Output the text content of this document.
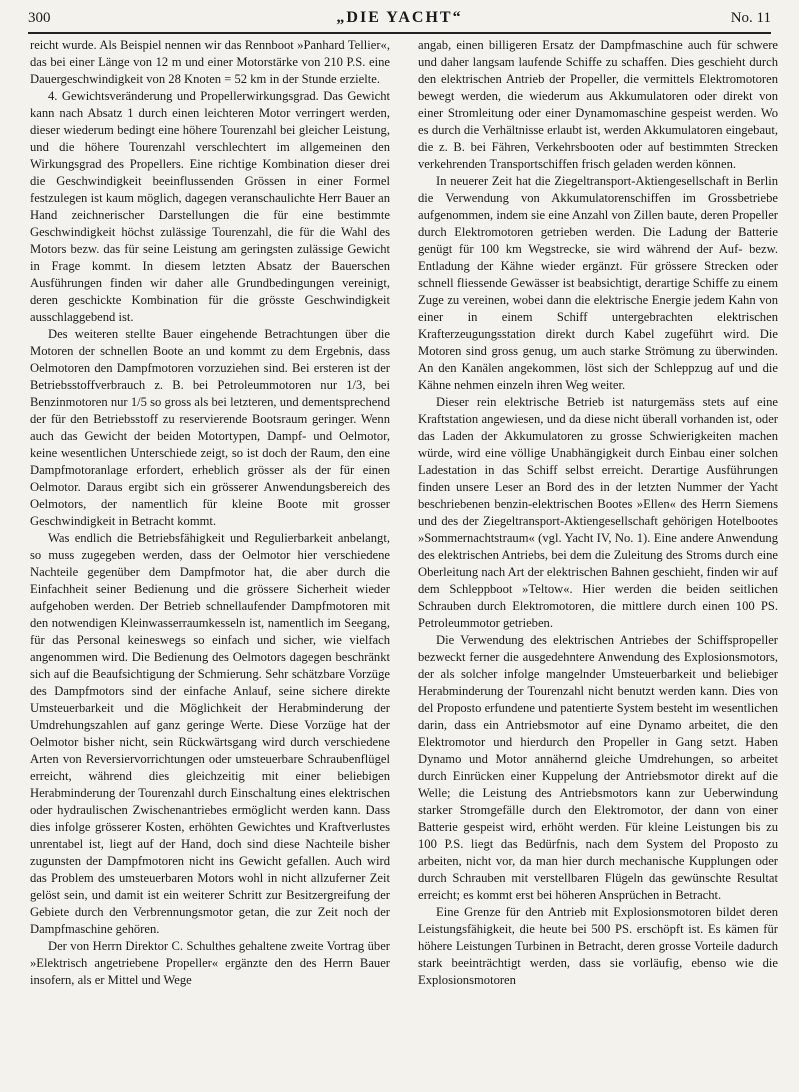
300	„DIE YACHT“	No. 11

reicht wurde. Als Beispiel nennen wir das Rennboot »Panhard Tellier«, das bei einer Länge von 12 m und einer Motorstärke von 210 P.S. eine Dauergeschwindigkeit von 28 Knoten = 52 km in der Stunde erzielte.

4. Gewichtsveränderung und Propellerwirkungsgrad. Das Gewicht kann nach Absatz 1 durch einen leichteren Motor verringert werden, dieser wiederum bedingt eine höhere Tourenzahl bei gleicher Leistung, und die höhere Tourenzahl verschlechtert im allgemeinen den Wirkungsgrad des Propellers. Eine richtige Kombination dieser drei die Geschwindigkeit beeinflussenden Grössen in einer Formel festzulegen ist kaum möglich, dagegen veranschaulichte Herr Bauer an Hand zeichnerischer Darstellungen die für eine bestimmte Geschwindigkeit höchst zulässige Tourenzahl, die für die Wahl des Motors bezw. das für seine Leistung am geringsten zulässige Gewicht in Frage kommt. In diesem letzten Absatz der Bauerschen Ausführungen finden wir daher alle Grundbedingungen vereinigt, deren geschickte Kombination für die grösste Geschwindigkeit ausschlaggebend ist.

Des weiteren stellte Bauer eingehende Betrachtungen über die Motoren der schnellen Boote an und kommt zu dem Ergebnis, dass Oelmotoren den Dampfmotoren vorzuziehen sind. Bei ersteren ist der Betriebsstoffverbrauch z. B. bei Petroleummotoren nur 1/3, bei Benzinmotoren nur 1/5 so gross als bei letzteren, und dementsprechend der für den Betriebsstoff zu reservierende Bootsraum geringer. Wenn auch das Gewicht der beiden Motortypen, Dampf- und Oelmotor, keine wesentlichen Unterschiede zeigt, so ist doch der Raum, den eine Dampfmotoranlage erfordert, erheblich grösser als der für einen Oelmotor. Daraus ergibt sich ein grösserer Anwendungsbereich des Oelmotors, der namentlich für kleine Boote mit grosser Geschwindigkeit in Betracht kommt.

Was endlich die Betriebsfähigkeit und Regulierbarkeit anbelangt, so muss zugegeben werden, dass der Oelmotor hier verschiedene Nachteile gegenüber dem Dampfmotor hat, die aber durch die Einfachheit seiner Bedienung und die grössere Sicherheit wieder aufgehoben werden. Der Betrieb schnellaufender Dampfmotoren mit den notwendigen Kleinwasserraumkesseln ist, namentlich im Seegang, für das Personal keineswegs so einfach und sicher, wie vielfach angenommen wird. Die Bedienung des Oelmotors dagegen beschränkt sich auf die Beaufsichtigung der Schmierung. Sehr schätzbare Vorzüge des Dampfmotors sind der einfache Anlauf, seine sichere direkte Umsteuerbarkeit und die Möglichkeit der Herabminderung der Umdrehungszahlen auf ganz geringe Werte. Diese Vorzüge hat der Oelmotor bisher nicht, sein Rückwärtsgang wird durch verschiedene Arten von Reversiervorrichtungen oder umsteuerbare Schraubenflügel erreicht, während dies gleichzeitig mit einer beliebigen Herabminderung der Tourenzahl durch Einschaltung eines elektrischen oder hydraulischen Zwischenantriebes ermöglicht werden kann. Dass dies infolge grösserer Kosten, erhöhten Gewichtes und Kraftverlustes unrentabel ist, liegt auf der Hand, doch sind diese Nachteile bisher zugunsten der Dampfmotoren nicht ins Gewicht gefallen. Auch wird das Problem des umsteuerbaren Motors wohl in nicht allzuferner Zeit gelöst sein, und damit ist ein weiterer Schritt zur Besitzergreifung der Gebiete durch den Verbrennungsmotor getan, die zur Zeit noch der Dampfmaschine gehören.

Der von Herrn Direktor C. Schulthes gehaltene zweite Vortrag über »Elektrisch angetriebene Propeller« ergänzte den des Herrn Bauer insofern, als er Mittel und Wege

angab, einen billigeren Ersatz der Dampfmaschine auch für schwere und daher langsam laufende Schiffe zu schaffen. Dies geschieht durch den elektrischen Antrieb der Propeller, die vermittels Elektromotoren bewegt werden, die wiederum aus Akkumulatoren oder direkt von einer Stromleitung oder einer Dynamomaschine gespeist werden. Wo es durch die Verhältnisse erlaubt ist, werden Akkumulatoren eingebaut, die z. B. bei Fähren, Verkehrsbooten oder auf bestimmten Strecken verkehrenden Transportschiffen frisch geladen werden können.

In neuerer Zeit hat die Ziegeltransport-Aktiengesellschaft in Berlin die Verwendung von Akkumulatorenschiffen im Grossbetriebe aufgenommen, indem sie eine Anzahl von Zillen baute, deren Propeller durch Elektromotoren getrieben werden. Die Ladung der Batterie genügt für 100 km Wegstrecke, sie wird während der Auf- bezw. Entladung der Kähne wieder ergänzt. Für grössere Strecken oder schnell fliessende Gewässer ist beabsichtigt, derartige Schiffe zu einem Zuge zu vereinen, wobei dann die elektrische Energie jedem Kahn von einer in einem Schiff untergebrachten elektrischen Krafterzeugungsstation direkt durch Kabel zugeführt wird. Die Motoren sind gross genug, um auch starke Strömung zu überwinden. An den Kanälen angekommen, löst sich der Schleppzug auf und die Kähne nehmen einzeln ihren Weg weiter.

Dieser rein elektrische Betrieb ist naturgemäss stets auf eine Kraftstation angewiesen, und da diese nicht überall vorhanden ist, oder das Laden der Akkumulatoren zu grosse Schwierigkeiten machen würde, wird eine völlige Unabhängigkeit durch Einbau einer solchen Ladestation in das Schiff selbst erreicht. Derartige Ausführungen finden unsere Leser an Bord des in der letzten Nummer der Yacht beschriebenen benzin-elektrischen Bootes »Ellen« des Herrn Siemens und des der Ziegeltransport-Aktiengesellschaft gehörigen Hotelbootes »Sommernachtstraum« (vgl. Yacht IV, No. 1). Eine andere Anwendung des elektrischen Antriebs, bei dem die Zuleitung des Stroms durch eine Oberleitung nach Art der elektrischen Bahnen geschieht, finden wir auf dem Schleppboot »Teltow«. Hier werden die beiden seitlichen Schrauben durch Elektromotoren, die mittlere durch einen 100 PS. Petroleummotor getrieben.

Die Verwendung des elektrischen Antriebes der Schiffspropeller bezweckt ferner die ausgedehntere Anwendung des Explosionsmotors, der als solcher infolge mangelnder Umsteuerbarkeit und beliebiger Herabminderung der Tourenzahl nicht benutzt werden kann. Dies von del Proposto erfundene und patentierte System besteht im wesentlichen darin, dass ein Antriebsmotor auf eine Dynamo arbeitet, die den Elektromotor und hierdurch den Propeller in Gang setzt. Haben Dynamo und Motor annähernd gleiche Umdrehungen, so arbeitet durch Einrücken einer Kuppelung der Antriebsmotor direkt auf die Welle; die Leistung des Antriebsmotors kann zur Ueberwindung starker Stromgefälle durch den Elektromotor, der dann von einer Batterie gespeist wird, erhöht werden. Für kleine Leistungen bis zu 100 P.S. liegt das Bedürfnis, nach dem System del Proposto zu arbeiten, nicht vor, da man hier durch mechanische Kupplungen oder durch Schrauben mit verstellbaren Flügeln das gewünschte Resultat erreicht; es kommt erst bei höheren Ansprüchen in Betracht.

Eine Grenze für den Antrieb mit Explosionsmotoren bildet deren Leistungsfähigkeit, die heute bei 500 PS. erschöpft ist. Es kämen für höhere Leistungen Turbinen in Betracht, deren grosse Vorteile dadurch stark beeinträchtigt werden, dass sie vorläufig, ebenso wie die Explosionsmotoren
